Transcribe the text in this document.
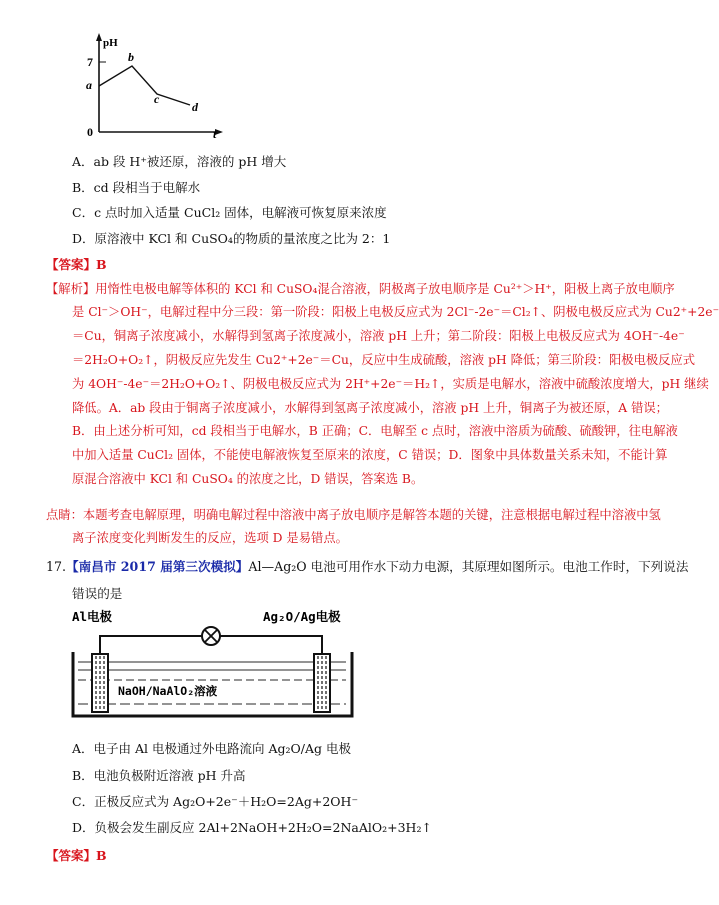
pH
t
0
7
a
b
c
d
A．ab 段 H⁺被还原，溶液的 pH 增大
B．cd 段相当于电解水
C．c 点时加入适量 CuCl₂ 固体，电解液可恢复原来浓度
D．原溶液中 KCl 和 CuSO₄的物质的量浓度之比为 2：1
【答案】B
【解析】用惰性电极电解等体积的 KCl 和 CuSO₄混合溶液，阴极离子放电顺序是 Cu²⁺＞H⁺，阳极上离子放电顺序
是 Cl⁻＞OH⁻，电解过程中分三段：第一阶段：阳极上电极反应式为 2Cl⁻-2e⁻＝Cl₂↑、阴极电极反应式为 Cu2⁺+2e⁻
＝Cu，铜离子浓度减小，水解得到氢离子浓度减小，溶液 pH 上升；第二阶段：阳极上电极反应式为 4OH⁻-4e⁻
＝2H₂O+O₂↑，阴极反应先发生 Cu2⁺+2e⁻＝Cu，反应中生成硫酸，溶液 pH 降低；第三阶段：阳极电极反应式
为 4OH⁻-4e⁻＝2H₂O+O₂↑、阴极电极反应式为 2H⁺+2e⁻＝H₂↑，实质是电解水，溶液中硫酸浓度增大，pH 继续
降低。A．ab 段由于铜离子浓度减小，水解得到氢离子浓度减小，溶液 pH 上升，铜离子为被还原，A 错误；
B．由上述分析可知，cd 段相当于电解水，B 正确；C．电解至 c 点时，溶液中溶质为硫酸、硫酸钾，往电解液
中加入适量 CuCl₂ 固体，不能使电解液恢复至原来的浓度，C 错误；D．图象中具体数量关系未知，不能计算
原混合溶液中 KCl 和 CuSO₄ 的浓度之比，D 错误，答案选 B。
点睛：本题考查电解原理，明确电解过程中溶液中离子放电顺序是解答本题的关键，注意根据电解过程中溶液中氢
离子浓度变化判断发生的反应，选项 D 是易错点。
17.【南昌市 2017 届第三次模拟】Al—Ag₂O 电池可用作水下动力电源，其原理如图所示。电池工作时，下列说法
错误的是
Al电极	Ag₂O/Ag电极
NaOH/NaAlO₂溶液
A．电子由 Al 电极通过外电路流向 Ag₂O/Ag 电极
B．电池负极附近溶液 pH 升高
C．正极反应式为 Ag₂O+2e⁻＋H₂O=2Ag+2OH⁻
D．负极会发生副反应 2Al+2NaOH+2H₂O=2NaAlO₂+3H₂↑
【答案】B
